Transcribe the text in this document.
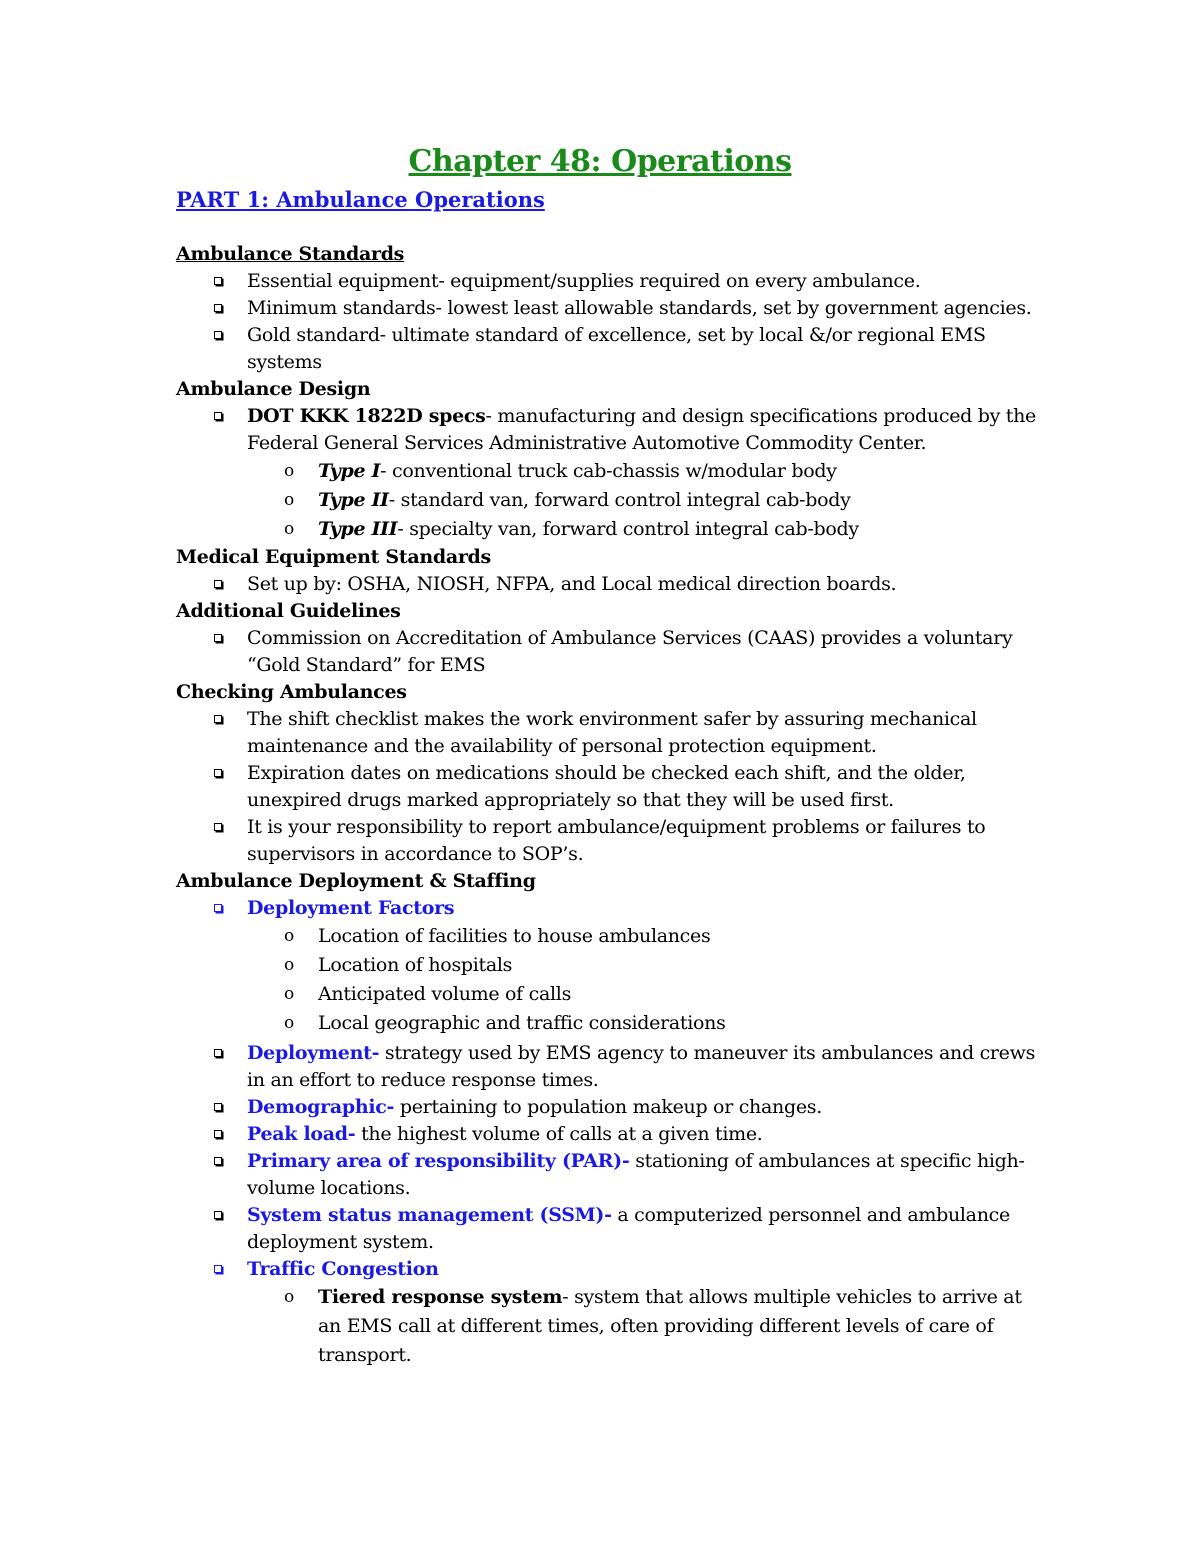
Chapter 48: Operations
PART 1: Ambulance Operations
Ambulance Standards
Essential equipment- equipment/supplies required on every ambulance.
Minimum standards- lowest least allowable standards, set by government agencies.
Gold standard- ultimate standard of excellence, set by local &/or regional EMS systems
Ambulance Design
DOT KKK 1822D specs- manufacturing and design specifications produced by the Federal General Services Administrative Automotive Commodity Center.
o Type I- conventional truck cab-chassis w/modular body
o Type II- standard van, forward control integral cab-body
o Type III- specialty van, forward control integral cab-body
Medical Equipment Standards
Set up by: OSHA, NIOSH, NFPA, and Local medical direction boards.
Additional Guidelines
Commission on Accreditation of Ambulance Services (CAAS) provides a voluntary “Gold Standard” for EMS
Checking Ambulances
The shift checklist makes the work environment safer by assuring mechanical maintenance and the availability of personal protection equipment.
Expiration dates on medications should be checked each shift, and the older, unexpired drugs marked appropriately so that they will be used first.
It is your responsibility to report ambulance/equipment problems or failures to supervisors in accordance to SOP’s.
Ambulance Deployment & Staffing
Deployment Factors
o Location of facilities to house ambulances
o Location of hospitals
o Anticipated volume of calls
o Local geographic and traffic considerations
Deployment- strategy used by EMS agency to maneuver its ambulances and crews in an effort to reduce response times.
Demographic- pertaining to population makeup or changes.
Peak load- the highest volume of calls at a given time.
Primary area of responsibility (PAR)- stationing of ambulances at specific high-volume locations.
System status management (SSM)- a computerized personnel and ambulance deployment system.
Traffic Congestion
o Tiered response system- system that allows multiple vehicles to arrive at an EMS call at different times, often providing different levels of care of transport.
